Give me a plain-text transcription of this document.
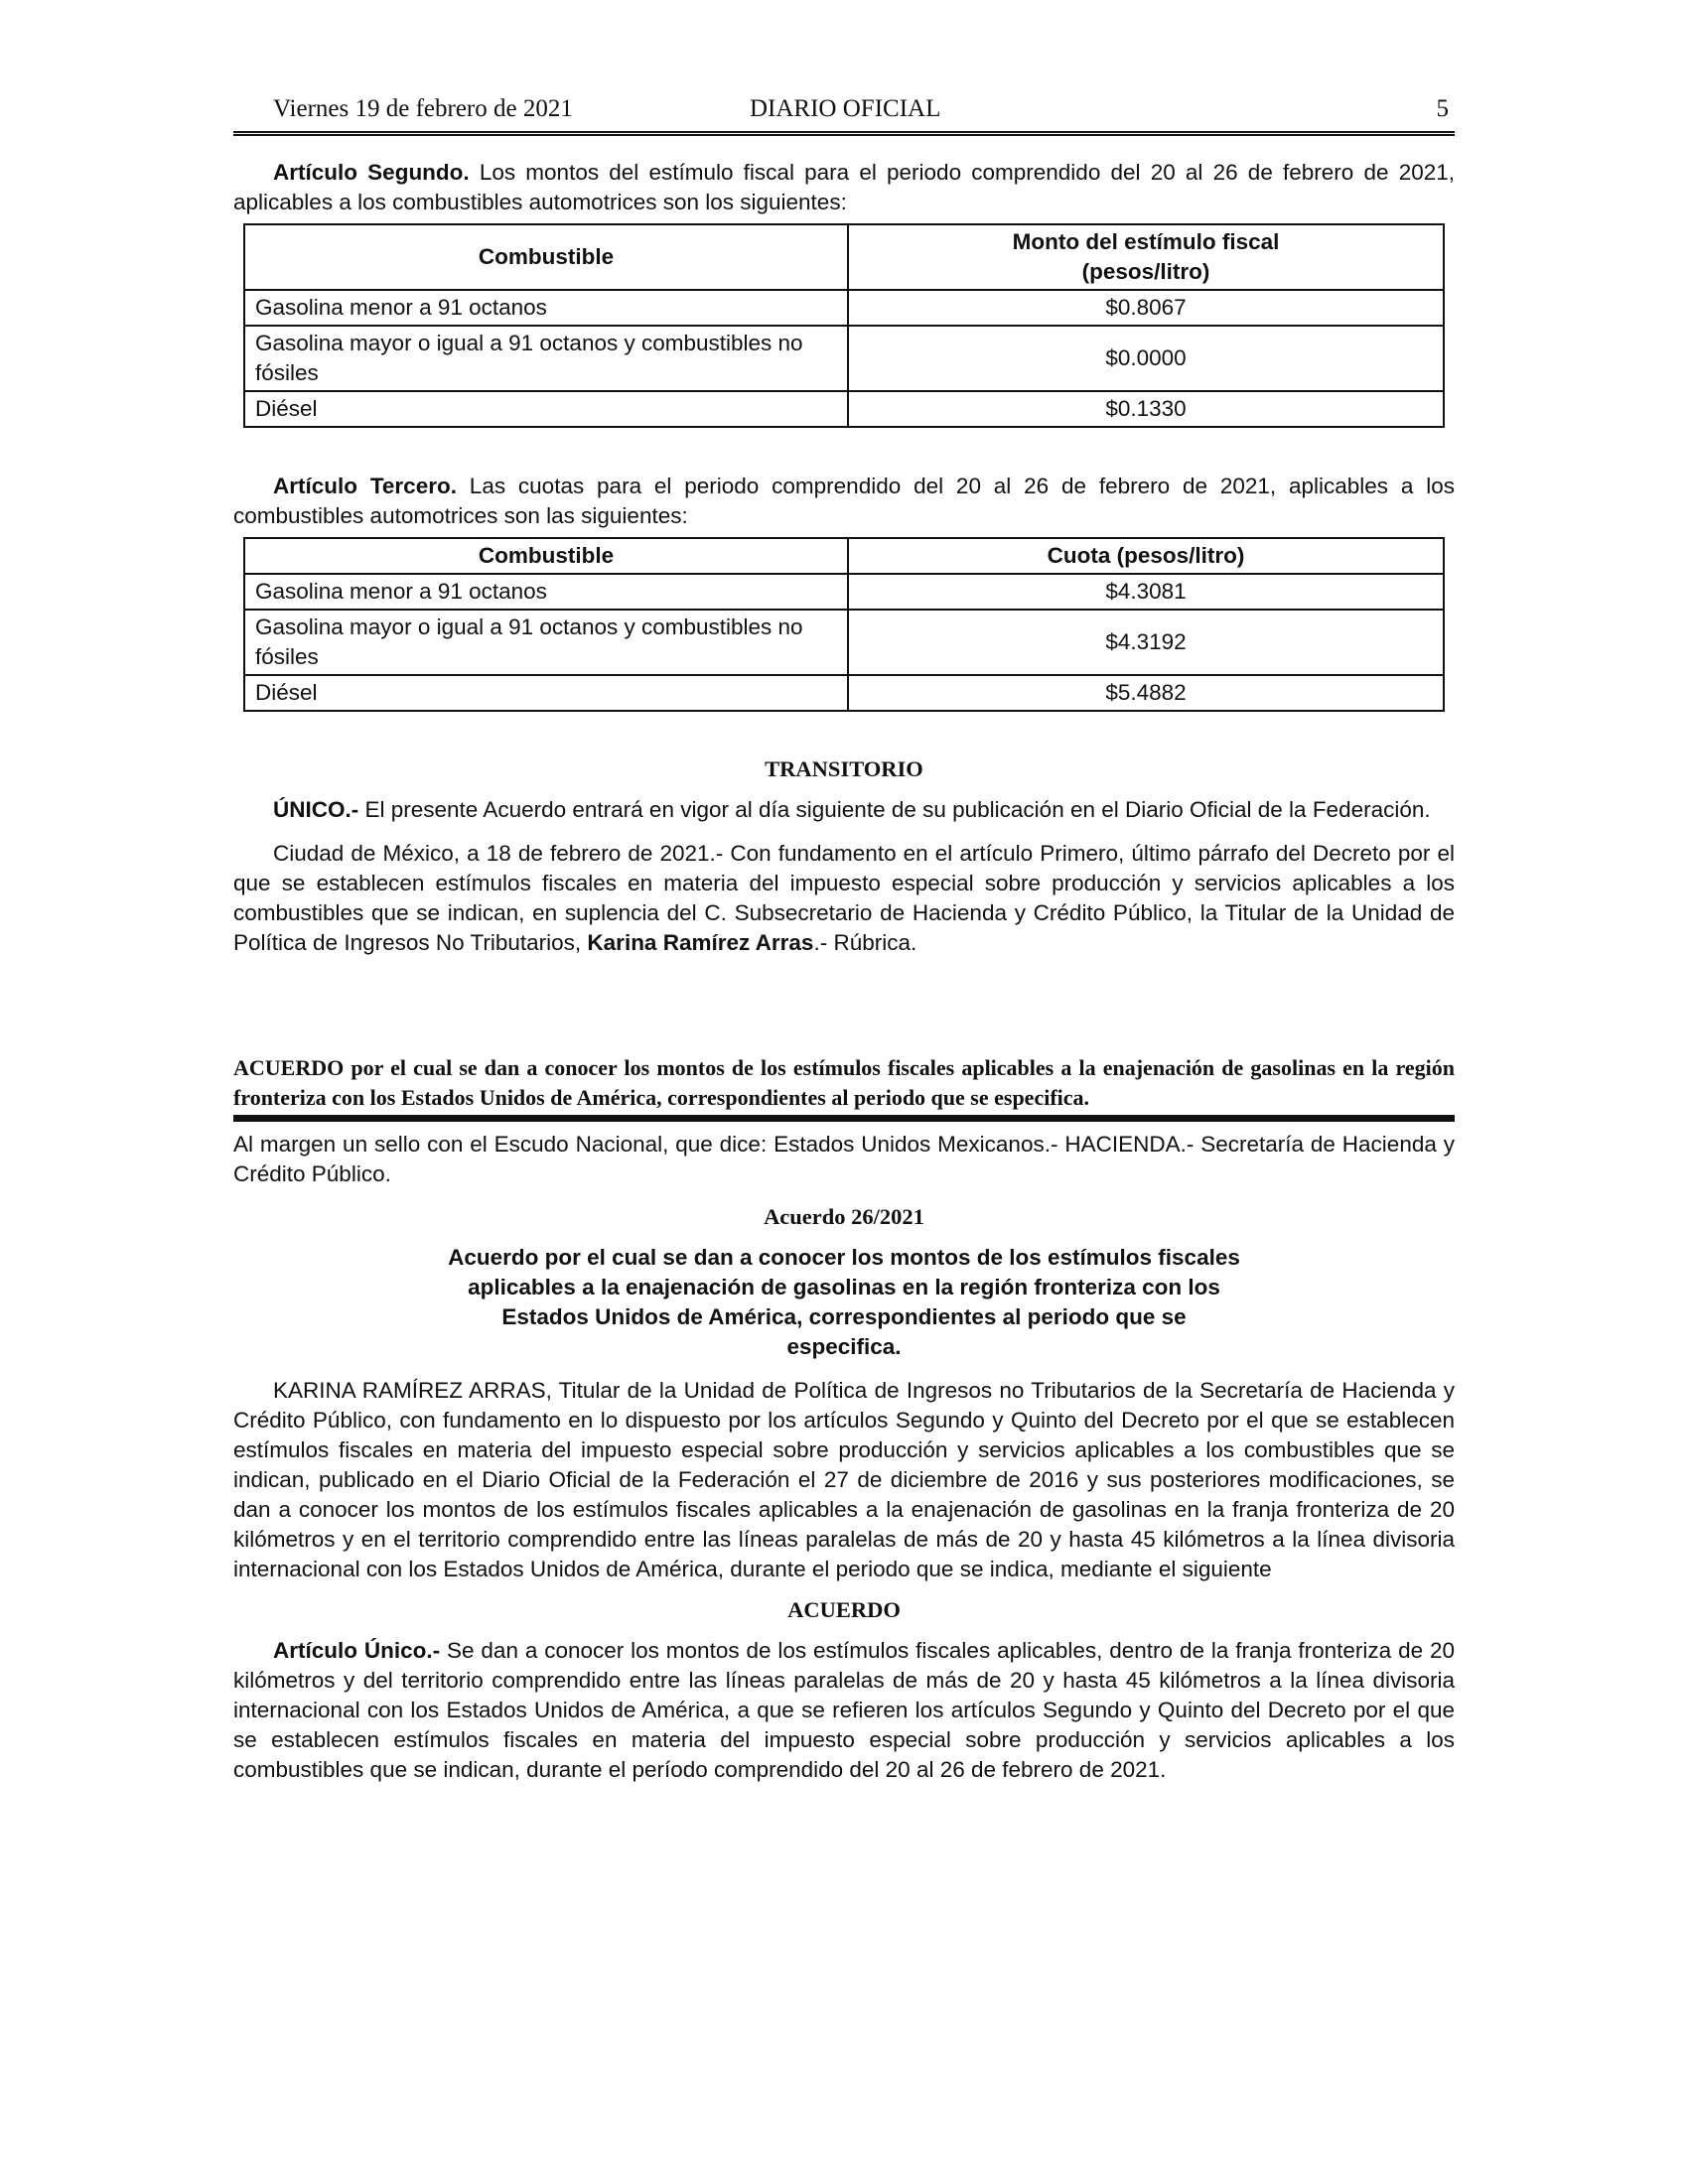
Viernes 19 de febrero de 2021	DIARIO OFICIAL	5

Artículo Segundo. Los montos del estímulo fiscal para el periodo comprendido del 20 al 26 de febrero de 2021, aplicables a los combustibles automotrices son los siguientes:

Combustible	Monto del estímulo fiscal
(pesos/litro)
Gasolina menor a 91 octanos	$0.8067
Gasolina mayor o igual a 91 octanos y combustibles no fósiles	$0.0000
Diésel	$0.1330

Artículo Tercero. Las cuotas para el periodo comprendido del 20 al 26 de febrero de 2021, aplicables a los combustibles automotrices son las siguientes:

Combustible	Cuota (pesos/litro)
Gasolina menor a 91 octanos	$4.3081
Gasolina mayor o igual a 91 octanos y combustibles no fósiles	$4.3192
Diésel	$5.4882
TRANSITORIO

ÚNICO.- El presente Acuerdo entrará en vigor al día siguiente de su publicación en el Diario Oficial de la Federación.

Ciudad de México, a 18 de febrero de 2021.- Con fundamento en el artículo Primero, último párrafo del Decreto por el que se establecen estímulos fiscales en materia del impuesto especial sobre producción y servicios aplicables a los combustibles que se indican, en suplencia del C. Subsecretario de Hacienda y Crédito Público, la Titular de la Unidad de Política de Ingresos No Tributarios, Karina Ramírez Arras.- Rúbrica.

ACUERDO por el cual se dan a conocer los montos de los estímulos fiscales aplicables a la enajenación de gasolinas en la región fronteriza con los Estados Unidos de América, correspondientes al periodo que se especifica.

Al margen un sello con el Escudo Nacional, que dice: Estados Unidos Mexicanos.- HACIENDA.- Secretaría de Hacienda y Crédito Público.

Acuerdo 26/2021
Acuerdo por el cual se dan a conocer los montos de los estímulos fiscales aplicables a la enajenación de gasolinas en la región fronteriza con los Estados Unidos de América, correspondientes al periodo que se especifica.

KARINA RAMÍREZ ARRAS, Titular de la Unidad de Política de Ingresos no Tributarios de la Secretaría de Hacienda y Crédito Público, con fundamento en lo dispuesto por los artículos Segundo y Quinto del Decreto por el que se establecen estímulos fiscales en materia del impuesto especial sobre producción y servicios aplicables a los combustibles que se indican, publicado en el Diario Oficial de la Federación el 27 de diciembre de 2016 y sus posteriores modificaciones, se dan a conocer los montos de los estímulos fiscales aplicables a la enajenación de gasolinas en la franja fronteriza de 20 kilómetros y en el territorio comprendido entre las líneas paralelas de más de 20 y hasta 45 kilómetros a la línea divisoria internacional con los Estados Unidos de América, durante el periodo que se indica, mediante el siguiente

ACUERDO

Artículo Único.- Se dan a conocer los montos de los estímulos fiscales aplicables, dentro de la franja fronteriza de 20 kilómetros y del territorio comprendido entre las líneas paralelas de más de 20 y hasta 45 kilómetros a la línea divisoria internacional con los Estados Unidos de América, a que se refieren los artículos Segundo y Quinto del Decreto por el que se establecen estímulos fiscales en materia del impuesto especial sobre producción y servicios aplicables a los combustibles que se indican, durante el período comprendido del 20 al 26 de febrero de 2021.
